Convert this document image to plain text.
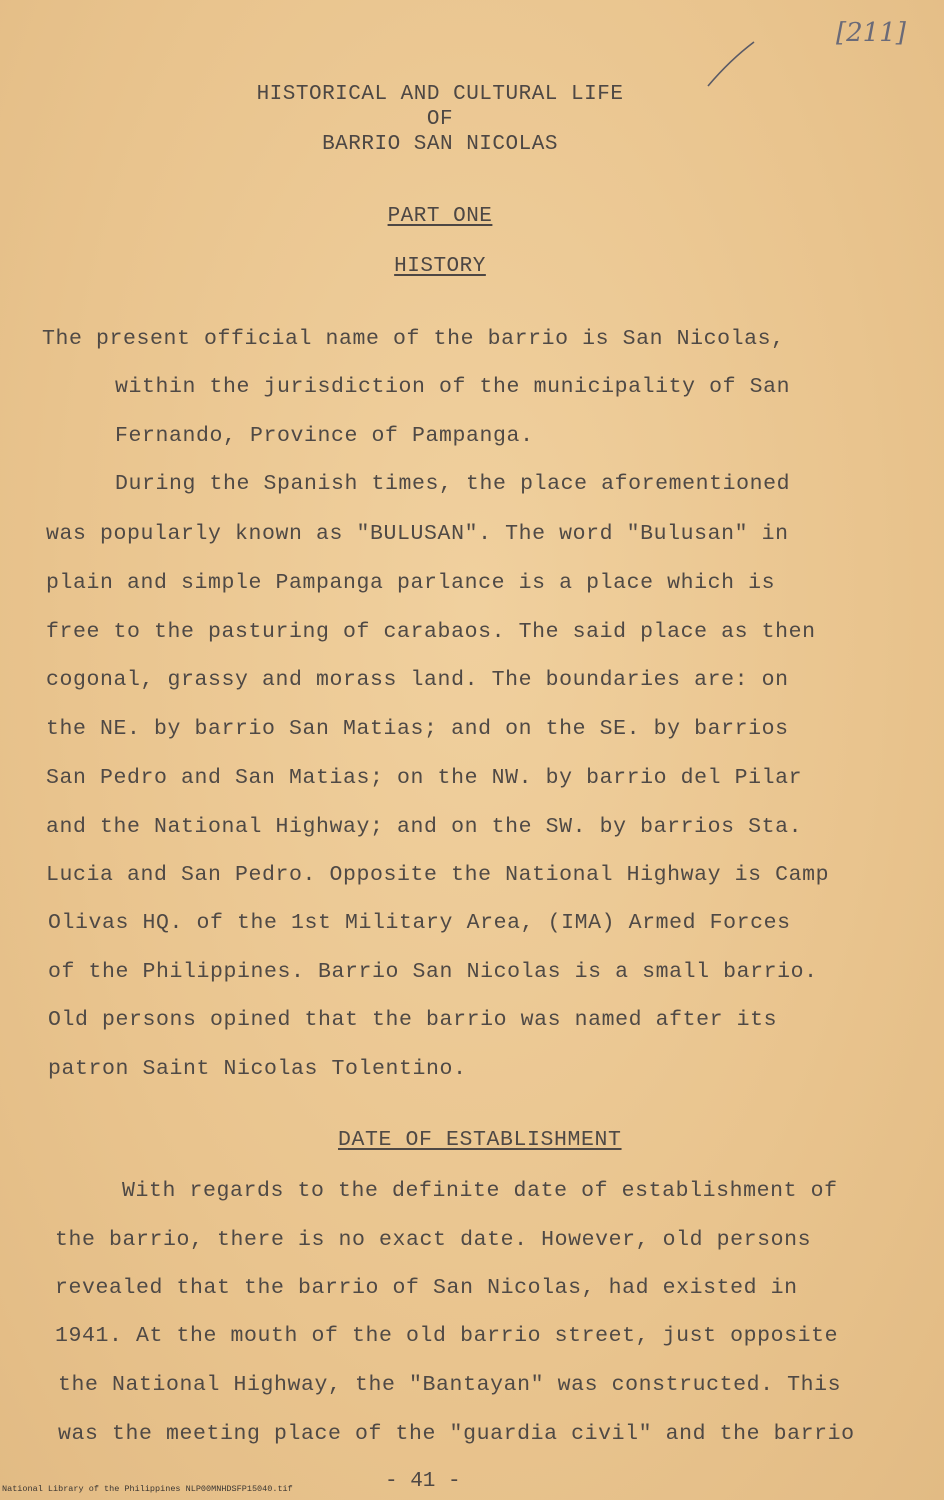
[211]
HISTORICAL AND CULTURAL LIFE
OF
BARRIO SAN NICOLAS
PART ONE
HISTORY
The present official name of the barrio is San Nicolas,
within the jurisdiction of the municipality of San
Fernando, Province of Pampanga.
During the Spanish times, the place aforementioned
was popularly known as "BULUSAN". The word "Bulusan" in
plain and simple Pampanga parlance is a place which is
free to the pasturing of carabaos. The said place as then
cogonal, grassy and morass land. The boundaries are: on
the NE. by barrio San Matias; and on the SE. by barrios
San Pedro and San Matias; on the NW. by barrio del Pilar
and the National Highway; and on the SW. by barrios Sta.
Lucia and San Pedro. Opposite the National Highway is Camp
Olivas HQ. of the 1st Military Area, (IMA) Armed Forces
of the Philippines. Barrio San Nicolas is a small barrio.
Old persons opined that the barrio was named after its
patron Saint Nicolas Tolentino.
DATE OF ESTABLISHMENT
With regards to the definite date of establishment of
the barrio, there is no exact date. However, old persons
revealed that the barrio of San Nicolas, had existed in
1941. At the mouth of the old barrio street, just opposite
the National Highway, the "Bantayan" was constructed. This
was the meeting place of the "guardia civil" and the barrio
- 41 -
National Library of the Philippines NLP00MNHDSFP15040.tif
